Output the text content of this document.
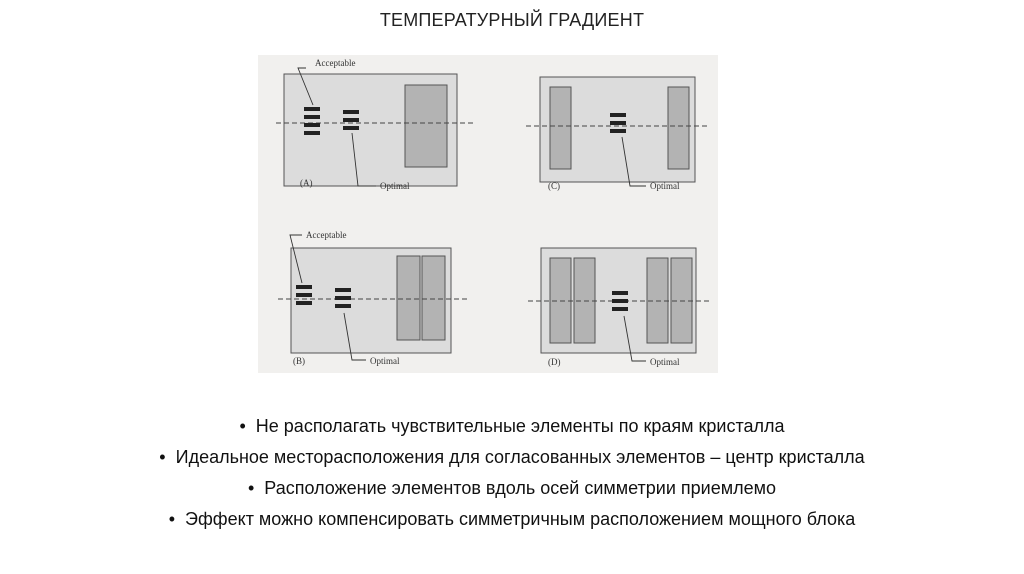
ТЕМПЕРАТУРНЫЙ ГРАДИЕНТ
Acceptable
Optimal
(A)	Optimal
(C)
Acceptable
Optimal
(B)	Optimal
(D)
• Не располагать чувствительные элементы по краям кристалла
• Идеальное месторасположения для согласованных элементов – центр кристалла
• Расположение элементов вдоль осей симметрии приемлемо
• Эффект можно компенсировать симметричным расположением мощного блока
